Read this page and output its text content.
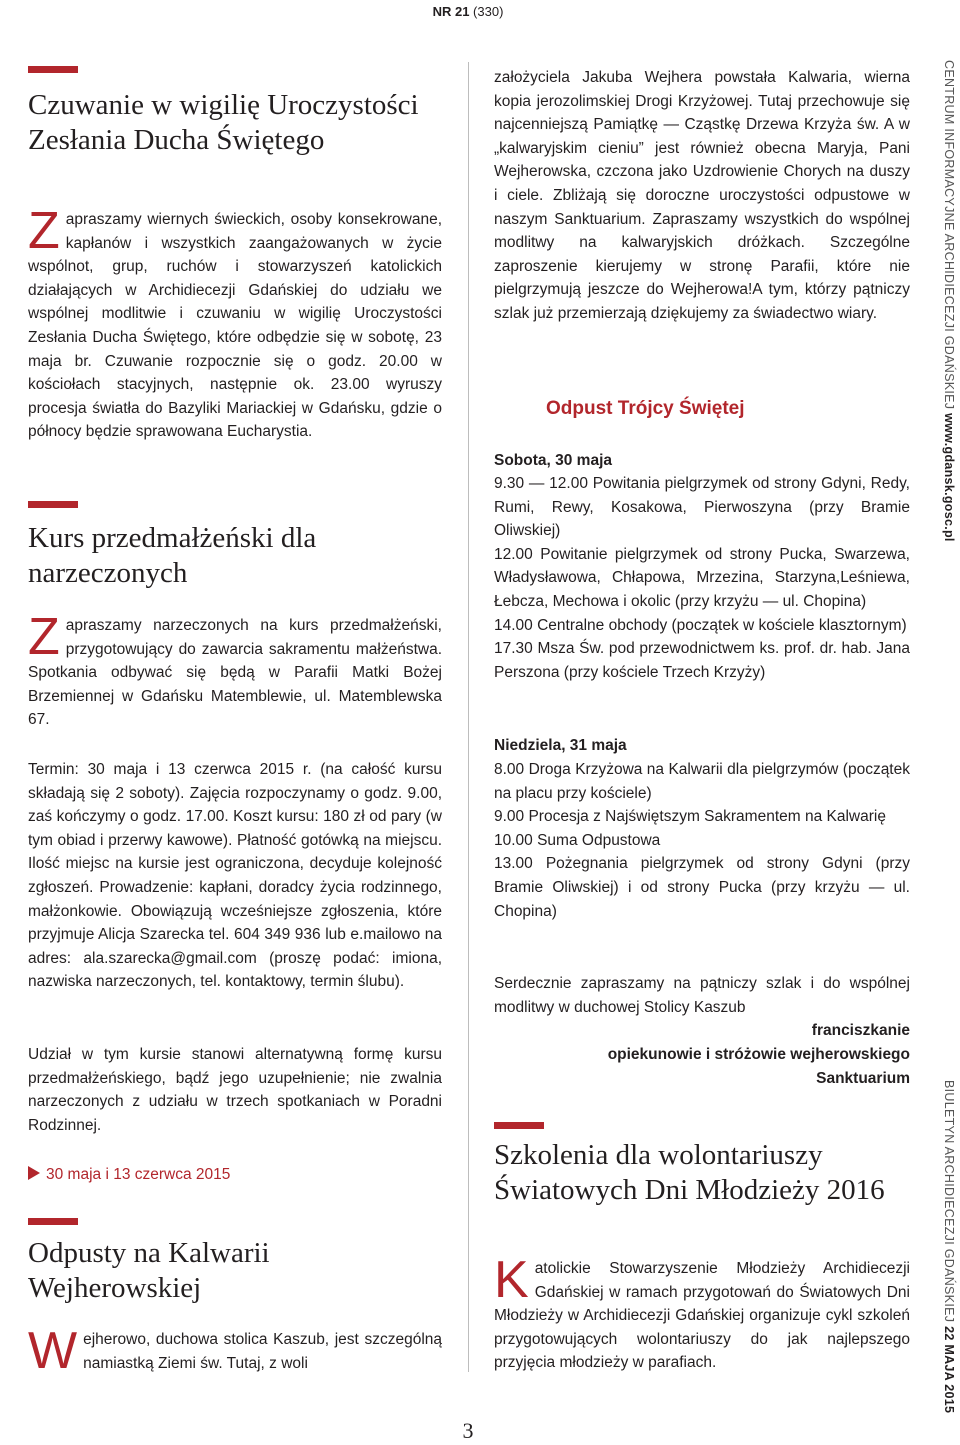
NR 21 (330)
Czuwanie w wigilię Uroczystości Zesłania Ducha Świętego

Zapraszamy wiernych świeckich, osoby konsekrowane, kapłanów i wszystkich zaangażowanych w życie wspólnot, grup, ruchów i stowarzyszeń katolickich działających w Archidiecezji Gdańskiej do udziału we wspólnej modlitwie i czuwaniu w wigilię Uroczystości Zesłania Ducha Świętego, które odbędzie się w sobotę, 23 maja br. Czuwanie rozpocznie się o godz. 20.00 w kościołach stacyjnych, następnie ok. 23.00 wyruszy procesja światła do Bazyliki Mariackiej w Gdańsku, gdzie o północy będzie sprawowana Eucharystia.

Kurs przedmałżeński dla narzeczonych

Zapraszamy narzeczonych na kurs przedmałżeński, przygotowujący do zawarcia sakramentu małżeństwa. Spotkania odbywać się będą w Parafii Matki Bożej Brzemiennej w Gdańsku Matemblewie, ul. Matemblewska 67.

Termin: 30 maja i 13 czerwca 2015 r. (na całość kursu składają się 2 soboty). Zajęcia rozpoczynamy o godz. 9.00, zaś kończymy o godz. 17.00. Koszt kursu: 180 zł od pary (w tym obiad i przerwy kawowe). Płatność gotówką na miejscu. Ilość miejsc na kursie jest ograniczona, decyduje kolejność zgłoszeń. Prowadzenie: kapłani, doradcy życia rodzinnego, małżonkowie. Obowiązują wcześniejsze zgłoszenia, które przyjmuje Alicja Szarecka tel. 604 349 936 lub e.mailowo na adres: ala.szarecka@gmail.com (proszę podać: imiona, nazwiska narzeczonych, tel. kontaktowy, termin ślubu).

Udział w tym kursie stanowi alternatywną formę kursu przedmałżeńskiego, bądź jego uzupełnienie; nie zwalnia narzeczonych z udziału w trzech spotkaniach w Poradni Rodzinnej.

30 maja i 13 czerwca 2015

Odpusty na Kalwarii Wejherowskiej

Wejherowo, duchowa stolica Kaszub, jest szczególną namiastką Ziemi św. Tutaj, z woli

założyciela Jakuba Wejhera powstała Kalwaria, wierna kopia jerozolimskiej Drogi Krzyżowej. Tutaj przechowuje się najcenniejszą Pamiątkę — Cząstkę Drzewa Krzyża św. A w „kalwaryjskim cieniu” jest również obecna Maryja, Pani Wejherowska, czczona jako Uzdrowienie Chorych na duszy i ciele. Zbliżają się doroczne uroczystości odpustowe w naszym Sanktuarium. Zapraszamy wszystkich do wspólnej modlitwy na kalwaryjskich dróżkach. Szczególne zaproszenie kierujemy w stronę Parafii, które nie pielgrzymują jeszcze do Wejherowa!A tym, którzy pątniczy szlak już przemierzają dziękujemy za świadectwo wiary.

Odpust Trójcy Świętej
Sobota, 30 maja
9.30 — 12.00 Powitania pielgrzymek od strony Gdyni, Redy, Rumi, Rewy, Kosakowa, Pierwoszyna (przy Bramie Oliwskiej)
12.00 Powitanie pielgrzymek od strony Pucka, Swarzewa, Władysławowa, Chłapowa, Mrzezina, Starzyna,Leśniewa, Łebcza, Mechowa i okolic (przy krzyżu — ul. Chopina)
14.00 Centralne obchody (początek w kościele klasztornym)
17.30 Msza Św. pod przewodnictwem ks. prof. dr. hab. Jana Perszona (przy kościele Trzech Krzyży)
Niedziela, 31 maja
8.00 Droga Krzyżowa na Kalwarii dla pielgrzymów (początek na placu przy kościele)
9.00 Procesja z Najświętszym Sakramentem na Kalwarię
10.00 Suma Odpustowa
13.00 Pożegnania pielgrzymek od strony Gdyni (przy Bramie Oliwskiej) i od strony Pucka (przy krzyżu — ul. Chopina)

Serdecznie zapraszamy na pątniczy szlak i do wspólnej modlitwy w duchowej Stolicy Kaszub

franciszkanie
opiekunowie i stróżowie wejherowskiego
Sanktuarium
Szkolenia dla wolontariuszy Światowych Dni Młodzieży 2016

Katolickie Stowarzyszenie Młodzieży Archidiecezji Gdańskiej w ramach przygotowań do Światowych Dni Młodzieży w Archidiecezji Gdańskiej organizuje cykl szkoleń przygotowujących wolontariuszy do jak najlepszego przyjęcia młodzieży w parafiach.

CENTRUM INFORMACYJNE ARCHIDIECEZJI GDAŃSKIEJ www.gdansk.gosc.pl
BIULETYN ARCHIDIECEZJI GDAŃSKIEJ 22 MAJA 2015
3
